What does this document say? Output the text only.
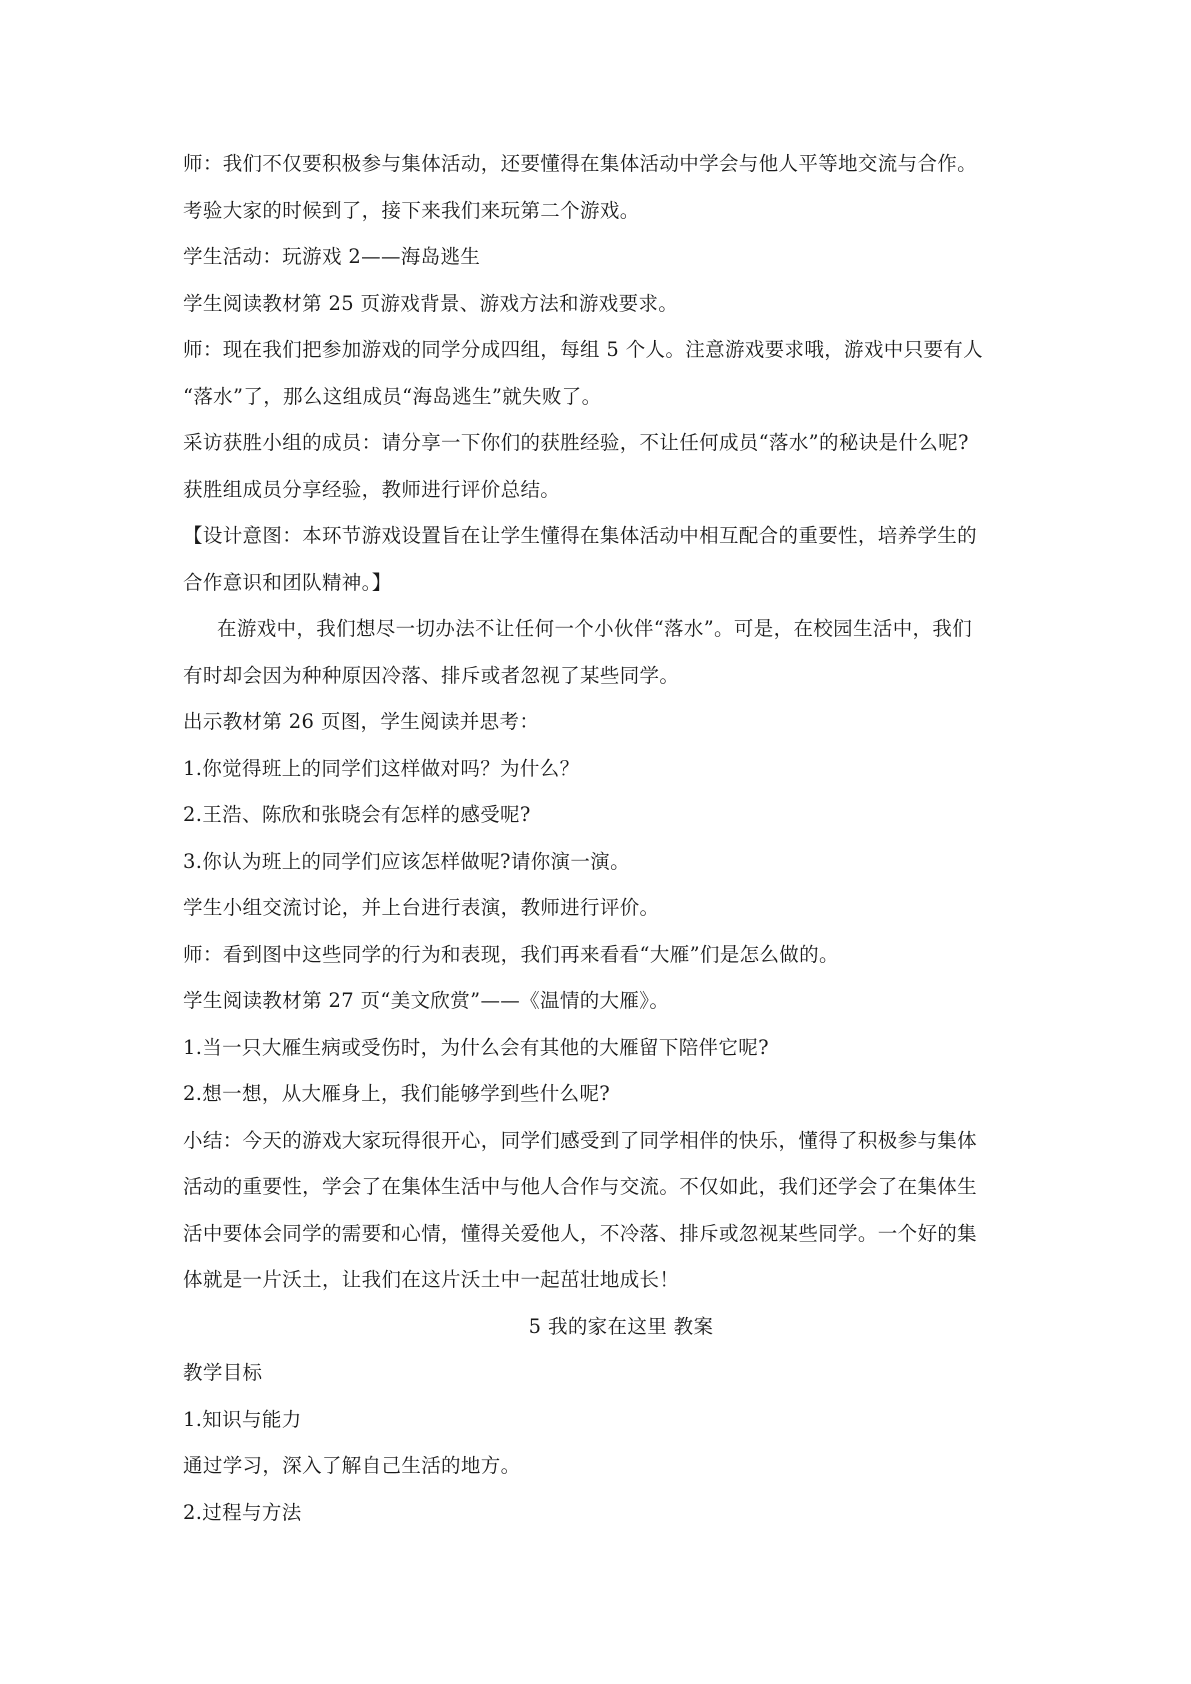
师：我们不仅要积极参与集体活动，还要懂得在集体活动中学会与他人平等地交流与合作。

考验大家的时候到了，接下来我们来玩第二个游戏。

学生活动：玩游戏 2——海岛逃生

学生阅读教材第 25 页游戏背景、游戏方法和游戏要求。

师：现在我们把参加游戏的同学分成四组，每组 5 个人。注意游戏要求哦，游戏中只要有人

“落水”了，那么这组成员“海岛逃生”就失败了。

采访获胜小组的成员：请分享一下你们的获胜经验，不让任何成员“落水”的秘诀是什么呢?

获胜组成员分享经验，教师进行评价总结。

【设计意图：本环节游戏设置旨在让学生懂得在集体活动中相互配合的重要性，培养学生的

合作意识和团队精神。】

在游戏中，我们想尽一切办法不让任何一个小伙伴“落水”。可是，在校园生活中，我们

有时却会因为种种原因冷落、排斥或者忽视了某些同学。

出示教材第 26 页图，学生阅读并思考：

1.你觉得班上的同学们这样做对吗？为什么？

2.王浩、陈欣和张晓会有怎样的感受呢?

3.你认为班上的同学们应该怎样做呢?请你演一演。

学生小组交流讨论，并上台进行表演，教师进行评价。

师：看到图中这些同学的行为和表现，我们再来看看“大雁”们是怎么做的。

学生阅读教材第 27 页“美文欣赏”——《温情的大雁》。

1.当一只大雁生病或受伤时，为什么会有其他的大雁留下陪伴它呢?

2.想一想，从大雁身上，我们能够学到些什么呢?

小结：今天的游戏大家玩得很开心，同学们感受到了同学相伴的快乐，懂得了积极参与集体

活动的重要性，学会了在集体生活中与他人合作与交流。不仅如此，我们还学会了在集体生

活中要体会同学的需要和心情，懂得关爱他人，不冷落、排斥或忽视某些同学。一个好的集

体就是一片沃土，让我们在这片沃土中一起茁壮地成长！

5 我的家在这里 教案

教学目标

1.知识与能力

通过学习，深入了解自己生活的地方。

2.过程与方法
